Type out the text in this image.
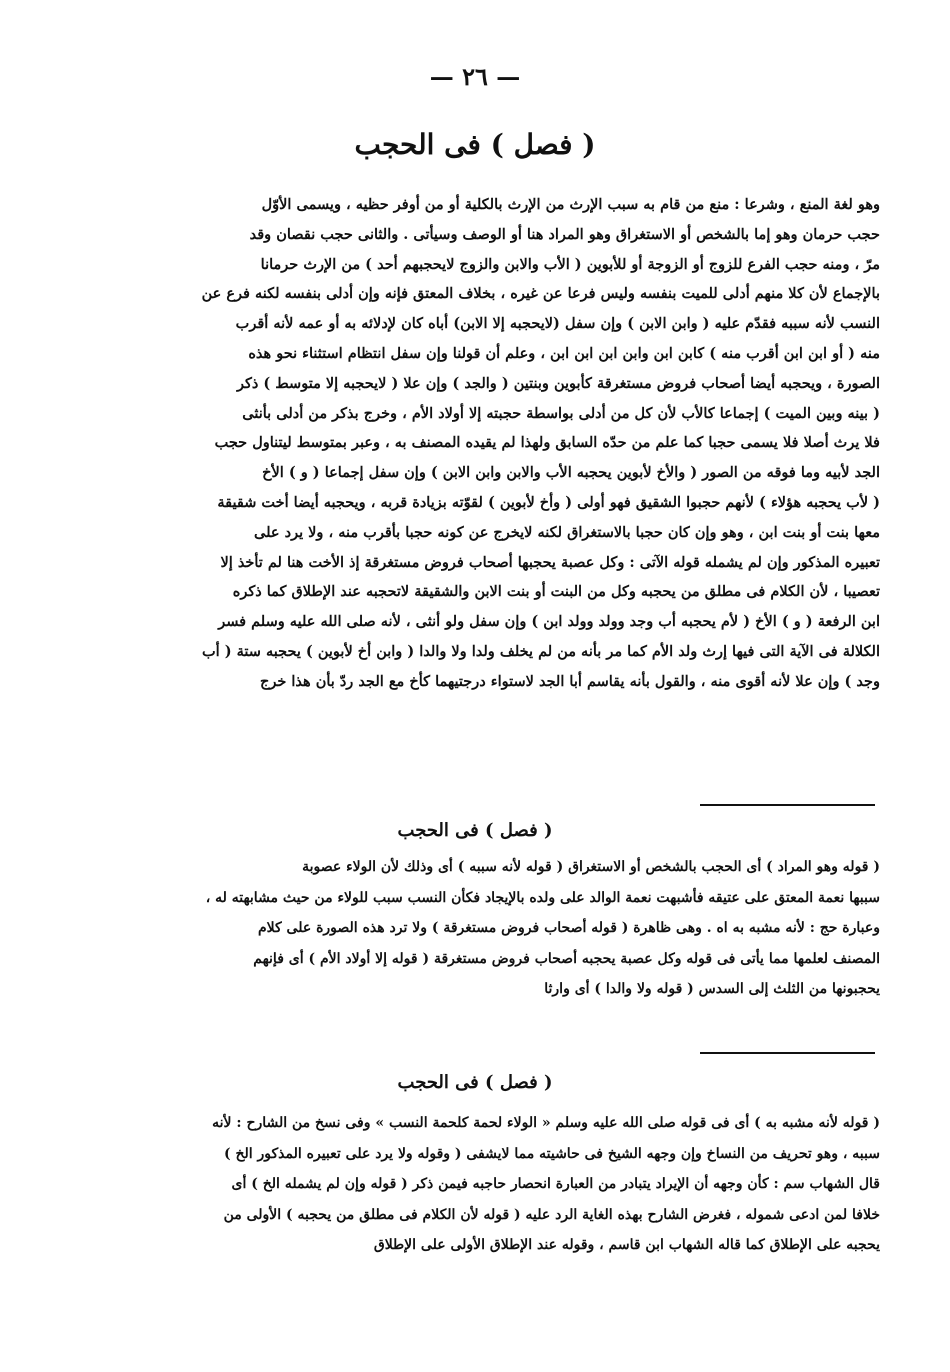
— ٢٦ —
( فصل ) فى الحجب
وهو لغة المنع ، وشرعا : منع من قام به سبب الإرث من الإرث بالكلية أو من أوفر حظيه ، ويسمى الأوّل
حجب حرمان وهو إما بالشخص أو الاستغراق وهو المراد هنا أو الوصف وسيأتى . والثانى حجب نقصان وقد
مرّ ، ومنه حجب الفرع للزوج أو الزوجة أو للأبوين ( الأب والابن والزوج لايحجبهم أحد ) من الإرث حرمانا
بالإجماع لأن كلا منهم أدلى للميت بنفسه وليس فرعا عن غيره ، بخلاف المعتق فإنه وإن أدلى بنفسه لكنه فرع عن
النسب لأنه سببه فقدّم عليه ( وابن الابن ) وإن سفل (لايحجبه إلا الابن) أباه كان لإدلائه به أو عمه لأنه أقرب
منه ( أو ابن ابن أقرب منه ) كابن ابن وابن ابن ابن ابن ، وعلم أن قولنا وإن سفل انتظام استثناء نحو هذه
الصورة ، ويحجبه أيضا أصحاب فروض مستغرقة كأبوين وبنتين ( والجد ) وإن علا ( لايحجبه إلا متوسط ) ذكر
( بينه وبين الميت ) إجماعا كالأب لأن كل من أدلى بواسطة حجبته إلا أولاد الأم ، وخرج بذكر من أدلى بأنثى
فلا يرث أصلا فلا يسمى حجبا كما علم من حدّه السابق ولهذا لم يقيده المصنف به ، وعبر بمتوسط ليتناول حجب
الجد لأبيه وما فوقه من الصور ( والأخ لأبوين يحجبه الأب والابن وابن الابن ) وإن سفل إجماعا ( و ) الأخ
( لأب يحجبه هؤلاء ) لأنهم حجبوا الشقيق فهو أولى ( وأخ لأبوين ) لقوّته بزيادة قربه ، ويحجبه أيضا أخت شقيقة
معها بنت أو بنت ابن ، وهو وإن كان حجبا بالاستغراق لكنه لايخرج عن كونه حجبا بأقرب منه ، ولا يرد على
تعبيره المذكور وإن لم يشمله قوله الآتى : وكل عصبة يحجبها أصحاب فروض مستغرقة إذ الأخت هنا لم تأخذ إلا
تعصيبا ، لأن الكلام فى مطلق من يحجبه وكل من البنت أو بنت الابن والشقيقة لاتحجبه عند الإطلاق كما ذكره
ابن الرفعة ( و ) الأخ ( لأم يحجبه أب وجد وولد وولد ابن ) وإن سفل ولو أنثى ، لأنه صلى الله عليه وسلم فسر
الكلالة فى الآية التى فيها إرث ولد الأم كما مر بأنه من لم يخلف ولدا ولا والدا ( وابن أخ لأبوين ) يحجبه ستة ( أب
وجد ) وإن علا لأنه أقوى منه ، والقول بأنه يقاسم أبا الجد لاستواء درجتيهما كأخ مع الجد ردّ بأن هذا خرج
( فصل ) فى الحجب
( قوله وهو المراد ) أى الحجب بالشخص أو الاستغراق ( قوله لأنه سببه ) أى وذلك لأن الولاء عصوبة
سببها نعمة المعتق على عتيقه فأشبهت نعمة الوالد على ولده بالإيجاد فكأن النسب سبب للولاء من حيث مشابهته له ،
وعبارة حج : لأنه مشبه به اه . وهى ظاهرة ( قوله أصحاب فروض مستغرقة ) ولا ترد هذه الصورة على كلام
المصنف لعلمها مما يأتى فى قوله وكل عصبة يحجبه أصحاب فروض مستغرقة ( قوله إلا أولاد الأم ) أى فإنهم
يحجبونها من الثلث إلى السدس ( قوله ولا والدا ) أى وارثا
( فصل ) فى الحجب
( قوله لأنه مشبه به ) أى فى قوله صلى الله عليه وسلم « الولاء لحمة كلحمة النسب » وفى نسخ من الشارح : لأنه
سببه ، وهو تحريف من النساخ وإن وجهه الشيخ فى حاشيته مما لايشفى ( وقوله ولا يرد على تعبيره المذكور الخ )
قال الشهاب سم : كأن وجهه أن الإيراد يتبادر من العبارة انحصار حاجبه فيمن ذكر ( قوله وإن لم يشمله الخ ) أى
خلافا لمن ادعى شموله ، فغرض الشارح بهذه الغاية الرد عليه ( قوله لأن الكلام فى مطلق من يحجبه ) الأولى من
يحجبه على الإطلاق كما قاله الشهاب ابن قاسم ، وقوله عند الإطلاق الأولى على الإطلاق
